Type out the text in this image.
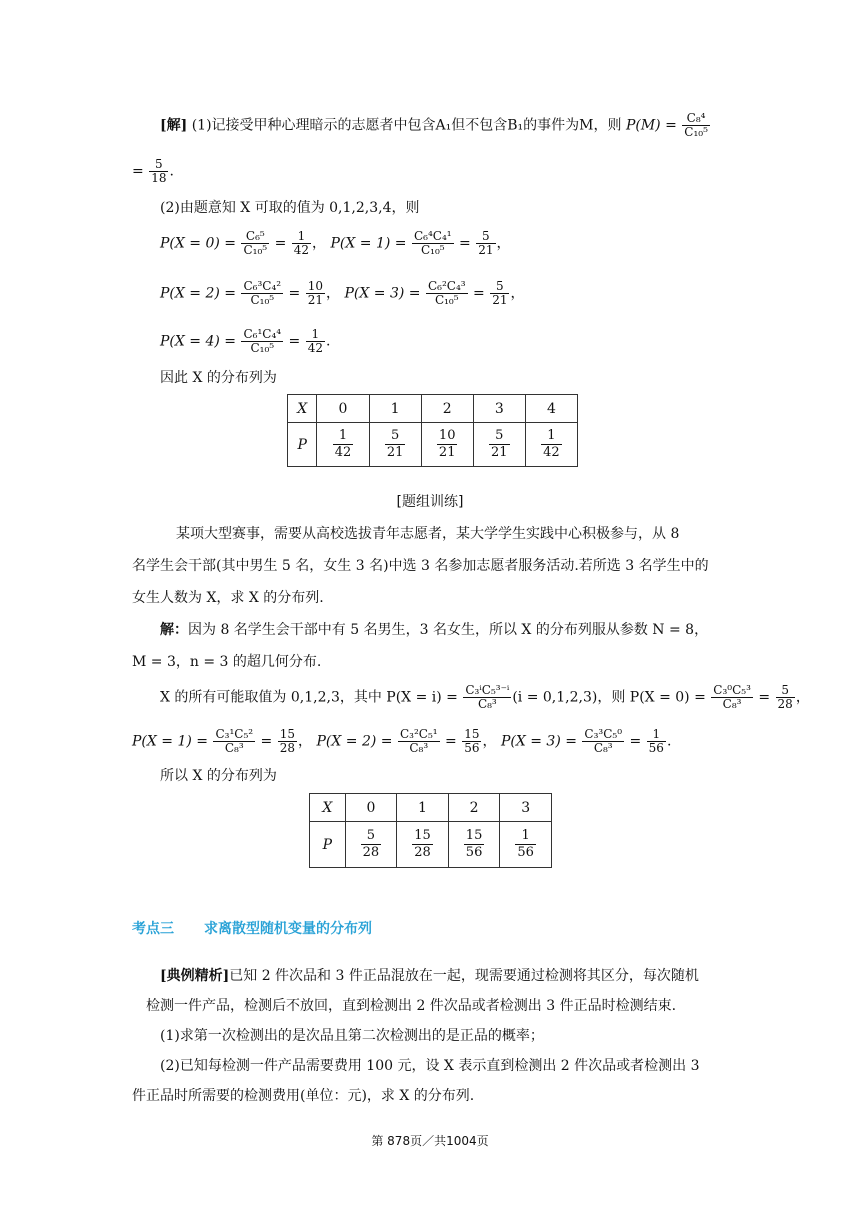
[解] (1)记接受甲种心理暗示的志愿者中包含A₁但不包含B₁的事件为M，则 $P(M) = \frac{\text{C₈⁴}}{\text{C₁₀⁵}}$
= $\frac{5}{18}$ .
(2)由题意知 X 可取的值为 0,1,2,3,4，则
$P(X = 0) = \frac{\text{C₆⁵}}{\text{C₁₀⁵}} = \frac{1}{42}$ ， $P(X = 1) = \frac{\text{C₆⁴C₄¹}}{\text{C₁₀⁵}} = \frac{5}{21}$ ，
$P(X = 2) = \frac{\text{C₆³C₄²}}{\text{C₁₀⁵}} = \frac{10}{21}$ ， $P(X = 3) = \frac{\text{C₆²C₄³}}{\text{C₁₀⁵}} = \frac{5}{21}$ ，
$P(X = 4) = \frac{\text{C₆¹C₄⁴}}{\text{C₁₀⁵}} = \frac{1}{42}$ .
因此 X 的分布列为
X	0	1	2	3	4
P	$\frac{1}{42}$	$\frac{5}{21}$	$\frac{10}{21}$	$\frac{5}{21}$	$\frac{1}{42}$
[题组训练]
某项大型赛事，需要从高校选拔青年志愿者，某大学学生实践中心积极参与，从 8
名学生会干部(其中男生 5 名，女生 3 名)中选 3 名参加志愿者服务活动.若所选 3 名学生中的
女生人数为 X，求 X 的分布列.
解：因为 8 名学生会干部中有 5 名男生，3 名女生，所以 X 的分布列服从参数 N = 8，
M = 3，n = 3 的超几何分布.
X 的所有可能取值为 0,1,2,3，其中 $P(X = i) = \frac{\text{C₃ⁱC₅³⁻ⁱ}}{\text{C₈³}} (i = 0,1,2,3)$，则 $P(X = 0) = \frac{\text{C₃⁰C₅³}}{\text{C₈³}} = \frac{5}{28}$ ，
$P(X = 1) = \frac{\text{C₃¹C₅²}}{\text{C₈³}} = \frac{15}{28}$ ， $P(X = 2) = \frac{\text{C₃²C₅¹}}{\text{C₈³}} = \frac{15}{56}$ ， $P(X = 3) = \frac{\text{C₃³C₅⁰}}{\text{C₈³}} = \frac{1}{56}$ .
所以 X 的分布列为
X	0	1	2	3
P	$\frac{5}{28}$	$\frac{15}{28}$	$\frac{15}{56}$	$\frac{1}{56}$
考点三 求离散型随机变量的分布列
[典例精析]已知 2 件次品和 3 件正品混放在一起，现需要通过检测将其区分，每次随机
检测一件产品，检测后不放回，直到检测出 2 件次品或者检测出 3 件正品时检测结束.
(1)求第一次检测出的是次品且第二次检测出的是正品的概率；
(2)已知每检测一件产品需要费用 100 元，设 X 表示直到检测出 2 件次品或者检测出 3
件正品时所需要的检测费用(单位：元)，求 X 的分布列.
第 878页／共1004页
